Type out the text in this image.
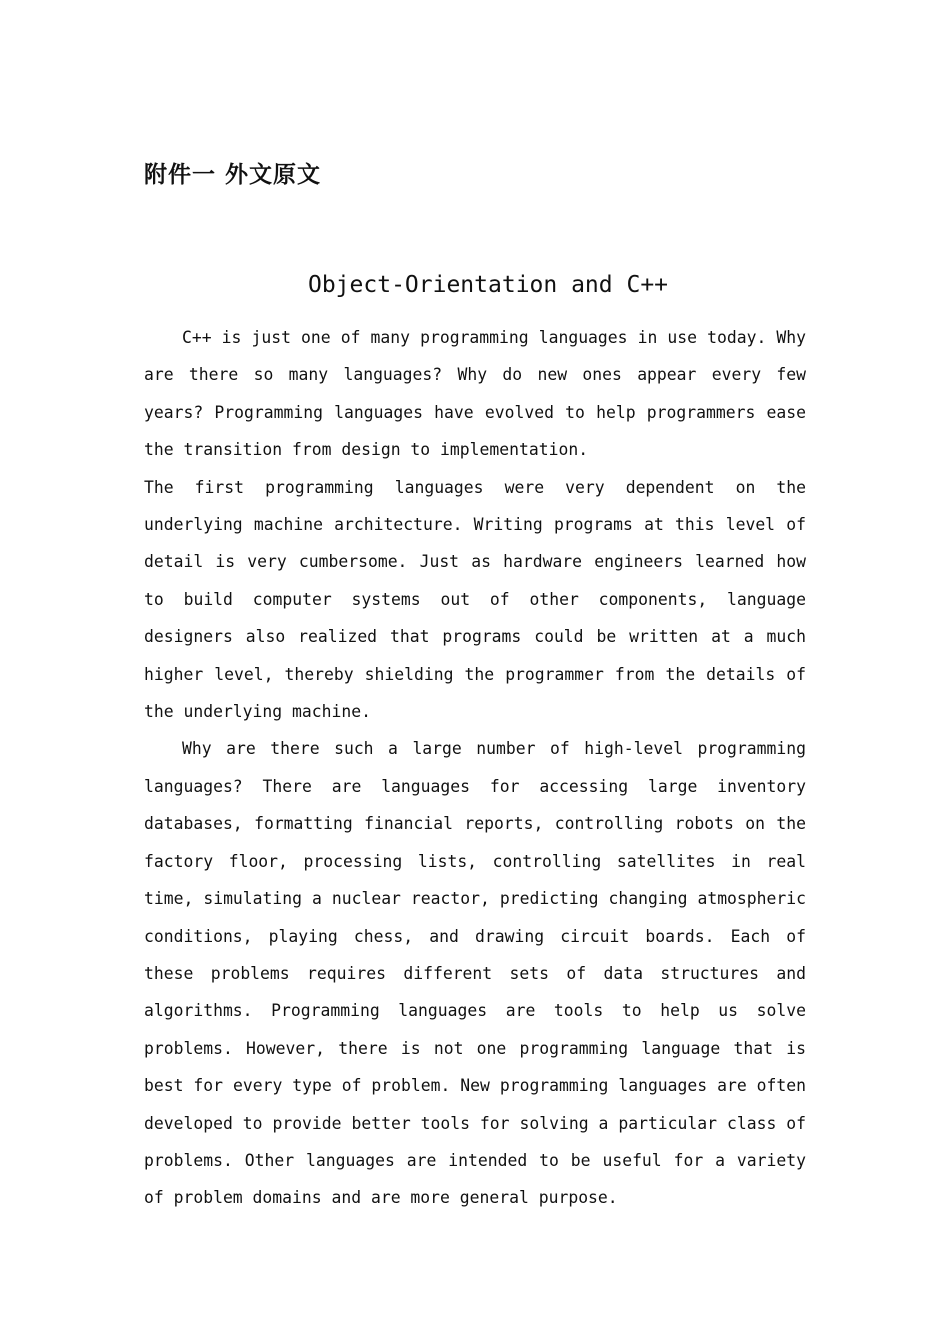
附件一 外文原文
Object-Orientation and C++

C++ is just one of many programming languages in use today. Why are there so many languages? Why do new ones appear every few years? Programming languages have evolved to help programmers ease the transition from design to implementation.

The first programming languages were very dependent on the underlying machine architecture. Writing programs at this level of detail is very cumbersome. Just as hardware engineers learned how to build computer systems out of other components, language designers also realized that programs could be written at a much higher level, thereby shielding the programmer from the details of the underlying machine.

Why are there such a large number of high-level programming languages? There are languages for accessing large inventory databases, formatting financial reports, controlling robots on the factory floor, processing lists, controlling satellites in real time, simulating a nuclear reactor, predicting changing atmospheric conditions, playing chess, and drawing circuit boards. Each of these problems requires different sets of data structures and algorithms. Programming languages are tools to help us solve problems. However, there is not one programming language that is best for every type of problem. New programming languages are often developed to provide better tools for solving a particular class of problems. Other languages are intended to be useful for a variety of problem domains and are more general purpose.
